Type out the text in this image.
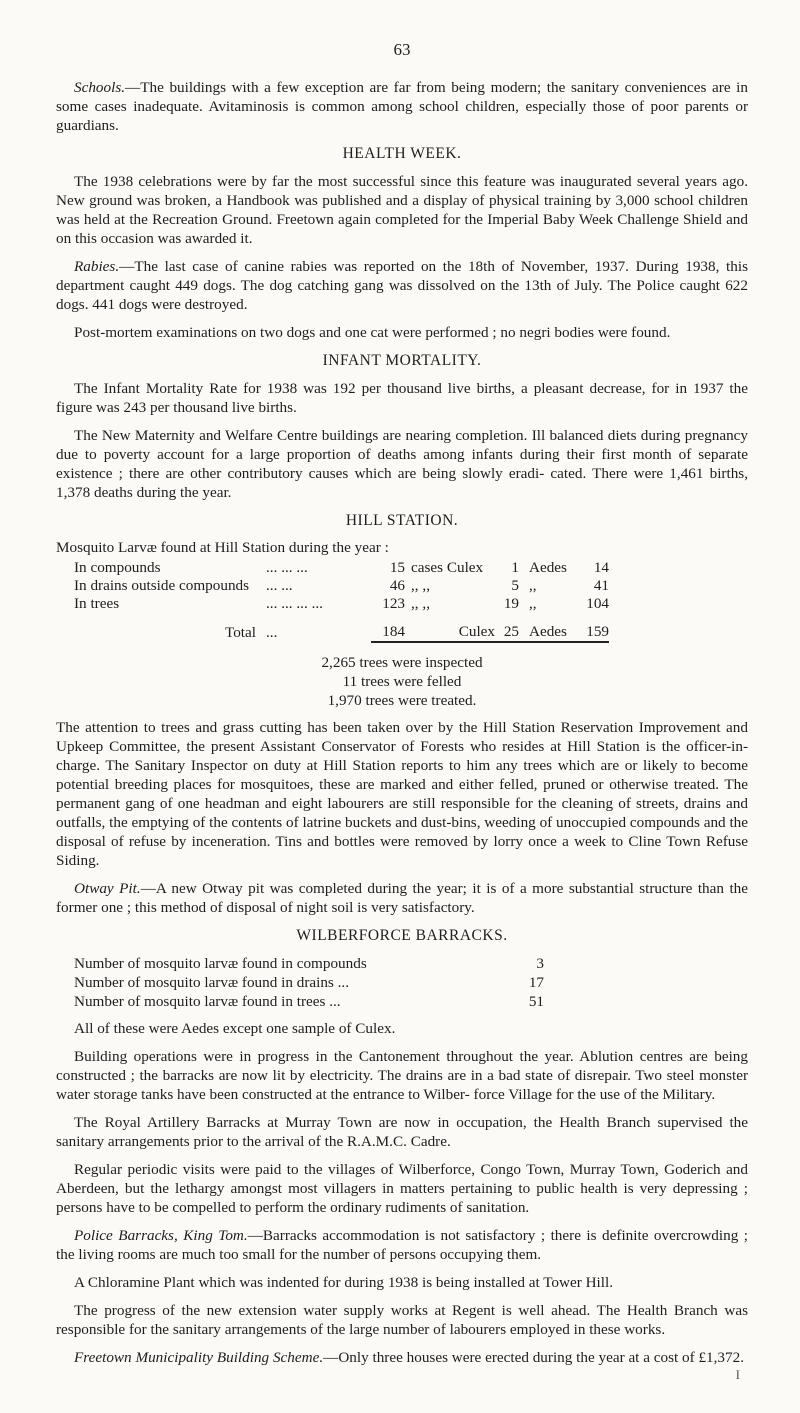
63

Schools.—The buildings with a few exception are far from being modern; the sanitary conveniences are in some cases inadequate. Avitaminosis is common among school children, especially those of poor parents or guardians.

HEALTH WEEK.

The 1938 celebrations were by far the most successful since this feature was inaugurated several years ago. New ground was broken, a Handbook was published and a display of physical training by 3,000 school children was held at the Recreation Ground. Freetown again completed for the Imperial Baby Week Challenge Shield and on this occasion was awarded it.

Rabies.—The last case of canine rabies was reported on the 18th of November, 1937. During 1938, this department caught 449 dogs. The dog catching gang was dissolved on the 13th of July. The Police caught 622 dogs. 441 dogs were destroyed.

Post-mortem examinations on two dogs and one cat were performed ; no negri bodies were found.

INFANT MORTALITY.

The Infant Mortality Rate for 1938 was 192 per thousand live births, a pleasant decrease, for in 1937 the figure was 243 per thousand live births.

The New Maternity and Welfare Centre buildings are nearing completion. Ill balanced diets during pregnancy due to poverty account for a large proportion of deaths among infants during their first month of separate existence ; there are other contributory causes which are being slowly eradi- cated. There were 1,461 births, 1,378 deaths during the year.

HILL STATION.
Mosquito Larvæ found at Hill Station during the year :
In compounds	... ... ...	15	cases Culex	1	Aedes	14
In drains outside compounds	... ...	46	,, ,,	5	,,	41
In trees	... ... ... ...	123	,, ,,	19	,,	104
Total	...	184	Culex	25	Aedes	159
2,265 trees were inspected
11 trees were felled
1,970 trees were treated.

The attention to trees and grass cutting has been taken over by the Hill Station Reservation Improvement and Upkeep Committee, the present Assistant Conservator of Forests who resides at Hill Station is the officer-in-charge. The Sanitary Inspector on duty at Hill Station reports to him any trees which are or likely to become potential breeding places for mosquitoes, these are marked and either felled, pruned or otherwise treated. The permanent gang of one headman and eight labourers are still responsible for the cleaning of streets, drains and outfalls, the emptying of the contents of latrine buckets and dust-bins, weeding of unoccupied compounds and the disposal of refuse by inceneration. Tins and bottles were removed by lorry once a week to Cline Town Refuse Siding.

Otway Pit.—A new Otway pit was completed during the year; it is of a more substantial structure than the former one ; this method of disposal of night soil is very satisfactory.

WILBERFORCE BARRACKS.
Number of mosquito larvæ found in compounds	3
Number of mosquito larvæ found in drains ...	17
Number of mosquito larvæ found in trees ...	51

All of these were Aedes except one sample of Culex.

Building operations were in progress in the Cantonement throughout the year. Ablution centres are being constructed ; the barracks are now lit by electricity. The drains are in a bad state of disrepair. Two steel monster water storage tanks have been constructed at the entrance to Wilber- force Village for the use of the Military.

The Royal Artillery Barracks at Murray Town are now in occupation, the Health Branch supervised the sanitary arrangements prior to the arrival of the R.A.M.C. Cadre.

Regular periodic visits were paid to the villages of Wilberforce, Congo Town, Murray Town, Goderich and Aberdeen, but the lethargy amongst most villagers in matters pertaining to public health is very depressing ; persons have to be compelled to perform the ordinary rudiments of sanitation.

Police Barracks, King Tom.—Barracks accommodation is not satisfactory ; there is definite overcrowding ; the living rooms are much too small for the number of persons occupying them.

A Chloramine Plant which was indented for during 1938 is being installed at Tower Hill.

The progress of the new extension water supply works at Regent is well ahead. The Health Branch was responsible for the sanitary arrangements of the large number of labourers employed in these works.

Freetown Municipality Building Scheme.—Only three houses were erected during the year at a cost of £1,372.

I
